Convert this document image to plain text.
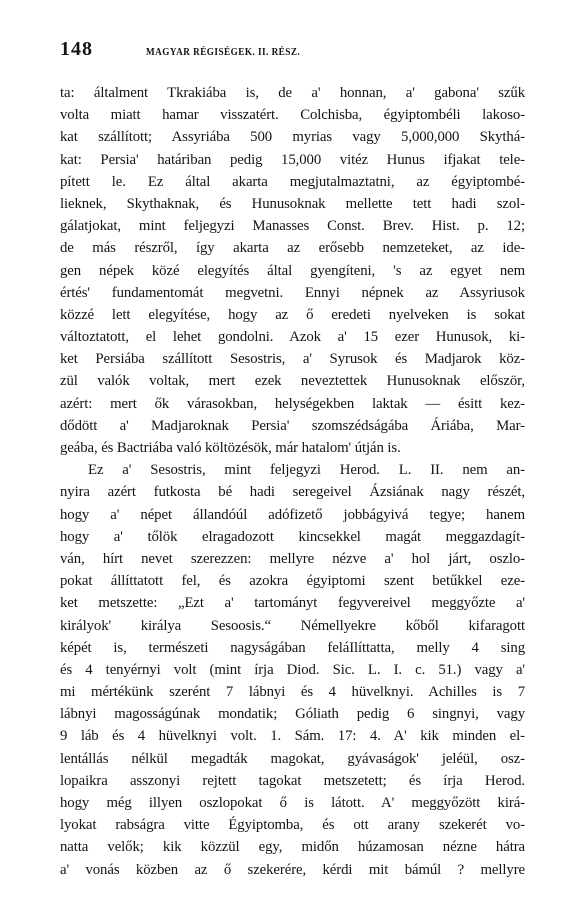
148	MAGYAR RÉGISÉGEK. II. RÉSZ.
ta: általment Tkrakiába is, de a' honnan, a' gabona' szűk
volta miatt hamar visszatért. Colchisba, égyiptombéli lakoso-
kat szállított; Assyriába 500 myrias vagy 5,000,000 Skythá-
kat: Persia' határiban pedig 15,000 vitéz Hunus ifjakat tele-
pített le. Ez által akarta megjutalmaztatni, az égyiptombé-
lieknek, Skythaknak, és Hunusoknak mellette tett hadi szol-
gálatjokat, mint feljegyzi Manasses Const. Brev. Hist. p. 12;
de más részről, így akarta az erősebb nemzeteket, az ide-
gen népek közé elegyítés által gyengíteni, 's az egyet nem
értés' fundamentomát megvetni. Ennyi népnek az Assyriusok
közzé lett elegyítése, hogy az ő eredeti nyelveken is sokat
változtatott, el lehet gondolni. Azok a' 15 ezer Hunusok, ki-
ket Persiába szállított Sesostris, a' Syrusok és Madjarok köz-
zül valók voltak, mert ezek neveztettek Hunusoknak először,
azért: mert ők várasokban, helységekben laktak — ésitt kez-
dődött a' Madjaroknak Persia' szomszédságába Áriába, Mar-
geába, és Bactriába való költözésök, már hatalom' útján is.
Ez a' Sesostris, mint feljegyzi Herod. L. II. nem an-
nyira azért futkosta bé hadi seregeivel Ázsiának nagy részét,
hogy a' népet állandóúl adófizető jobbágyivá tegye; hanem
hogy a' tőlök elragadozott kincsekkel magát meggazdagít-
ván, hírt nevet szerezzen: mellyre nézve a' hol járt, oszlo-
pokat állíttatott fel, és azokra égyiptomi szent betűkkel eze-
ket metszette: „Ezt a' tartományt fegyvereivel meggyőzte a'
királyok' királya Sesoosis.“ Némellyekre kőből kifaragott
képét is, természeti nagyságában feláIlíttatta, melly 4 sing
és 4 tenyérnyi volt (mint írja Diod. Sic. L. I. c. 51.) vagy a'
mi mértékünk szerént 7 lábnyi és 4 hüvelknyi. Achilles is 7
lábnyi magosságúnak mondatik; Góliath pedig 6 singnyi, vagy
9 láb és 4 hüvelknyi volt. 1. Sám. 17: 4. A' kik minden el-
lentállás nélkül megadták magokat, gyávaságok' jeléül, osz-
lopaikra asszonyi rejtett tagokat metszetett; és írja Herod.
hogy még illyen oszlopokat ő is látott. A' meggyőzött kirá-
lyokat rabságra vitte Égyiptomba, és ott arany szekerét vo-
natta velők; kik közzül egy, midőn húzamosan nézne hátra
a' vonás közben az ő szekerére, kérdi mit bámúl ? mellyre
